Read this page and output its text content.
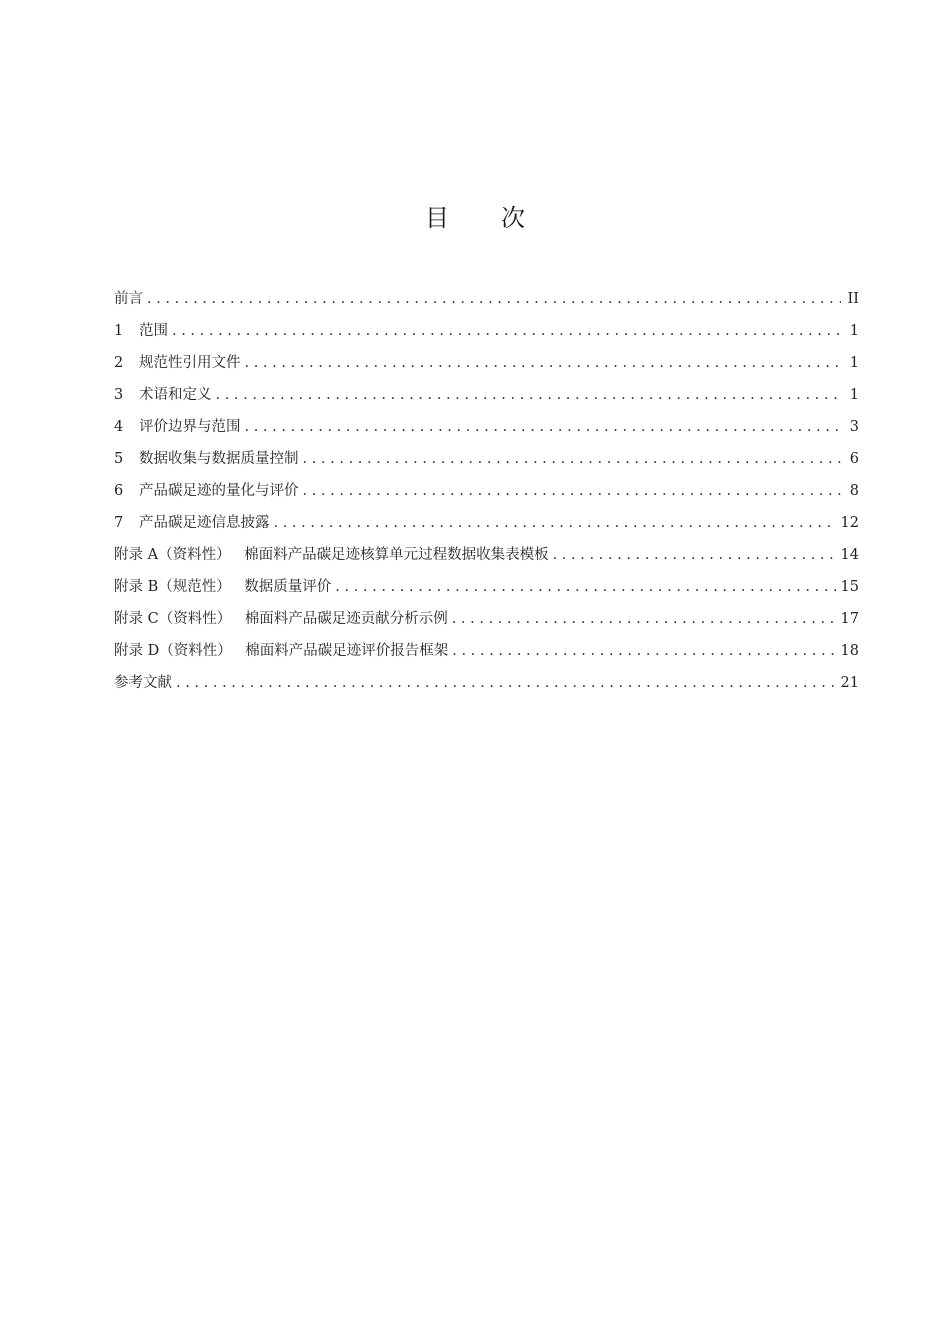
目 次
前言 . . .	II
1	范围 . . .	1
2	规范性引用文件 . . .	1
3	术语和定义 . . .	1
4	评价边界与范围 . . .	3
5	数据收集与数据质量控制 . . .	6
6	产品碳足迹的量化与评价 . . .	8
7	产品碳足迹信息披露 . . .	12
附录 A （资料性） 棉面料产品碳足迹核算单元过程数据收集表模板 . . .	14
附录 B （规范性） 数据质量评价 . . .	15
附录 C （资料性） 棉面料产品碳足迹贡献分析示例 . . .	17
附录 D （资料性） 棉面料产品碳足迹评价报告框架 . . .	18
参考文献 . . .	21
